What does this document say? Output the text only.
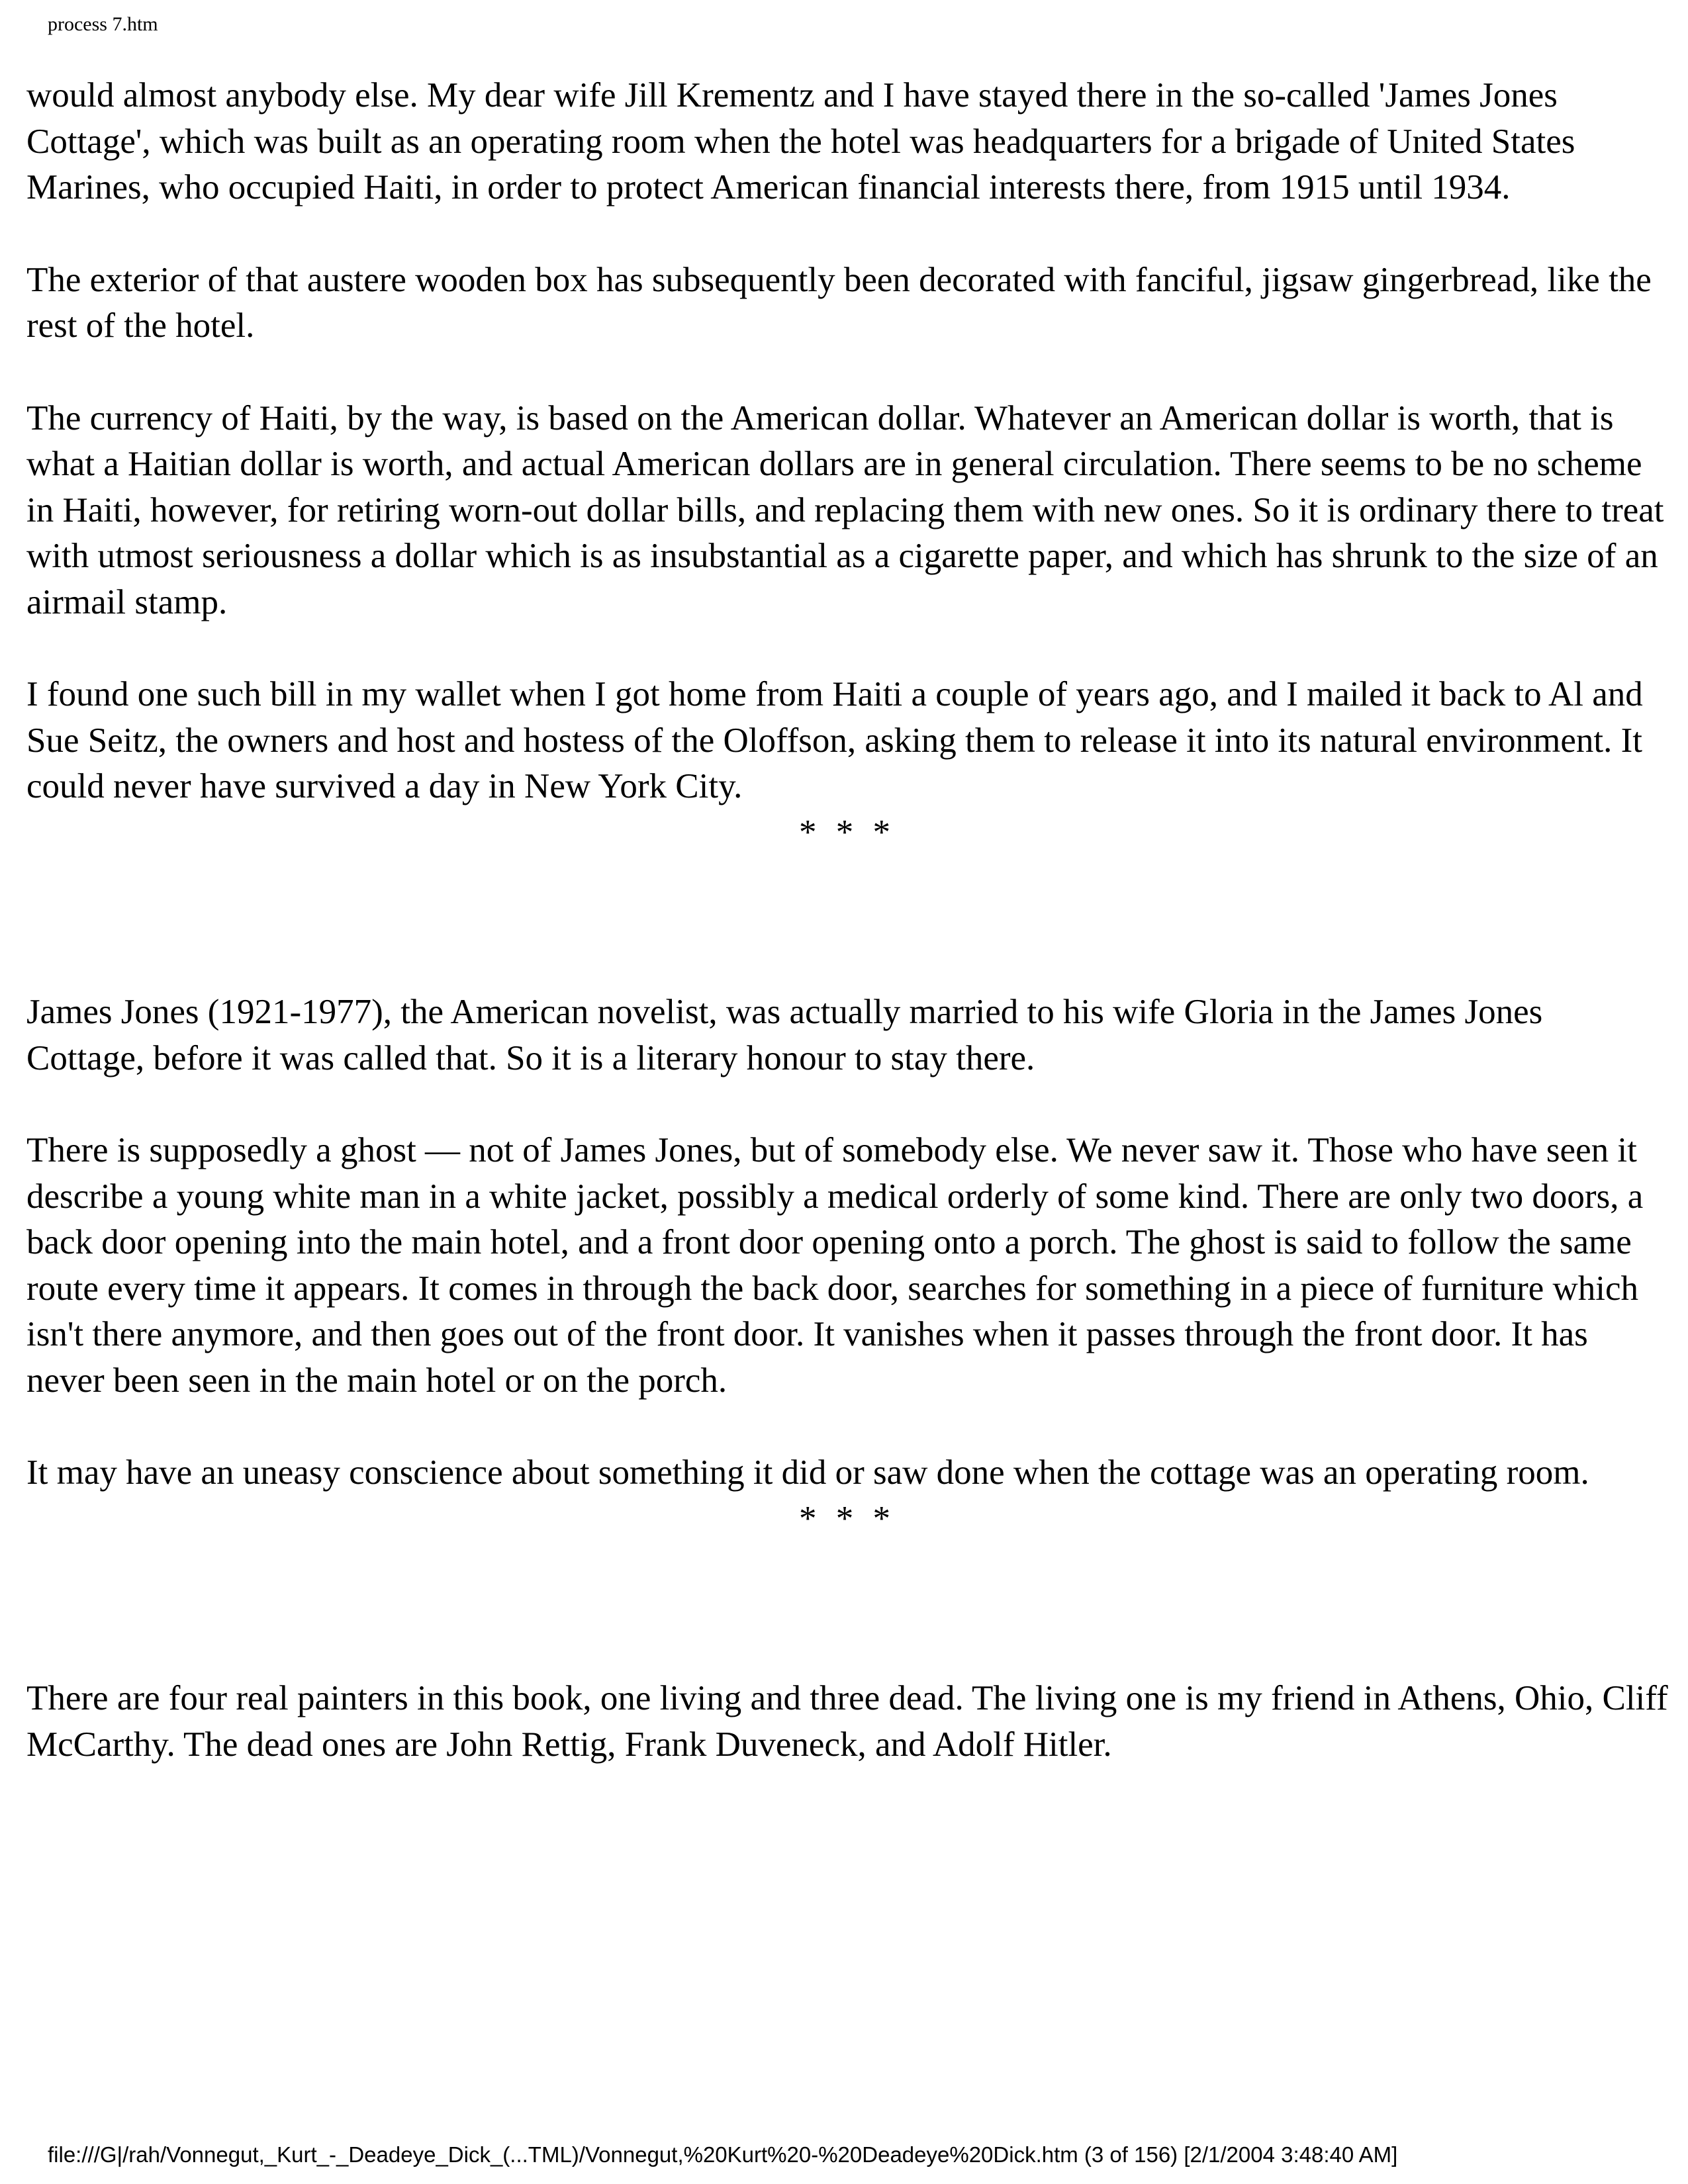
process 7.htm

would almost anybody else. My dear wife Jill Krementz and I have stayed there in the so-called 'James Jones Cottage', which was built as an operating room when the hotel was headquarters for a brigade of United States Marines, who occupied Haiti, in order to protect American financial interests there, from 1915 until 1934.

The exterior of that austere wooden box has subsequently been decorated with fanciful, jigsaw gingerbread, like the rest of the hotel.

The currency of Haiti, by the way, is based on the American dollar. Whatever an American dollar is worth, that is what a Haitian dollar is worth, and actual American dollars are in general circulation. There seems to be no scheme in Haiti, however, for retiring worn-out dollar bills, and replacing them with new ones. So it is ordinary there to treat with utmost seriousness a dollar which is as insubstantial as a cigarette paper, and which has shrunk to the size of an airmail stamp.

I found one such bill in my wallet when I got home from Haiti a couple of years ago, and I mailed it back to Al and Sue Seitz, the owners and host and hostess of the Oloffson, asking them to release it into its natural environment. It could never have survived a day in New York City.

* * *

James Jones (1921-1977), the American novelist, was actually married to his wife Gloria in the James Jones Cottage, before it was called that. So it is a literary honour to stay there.

There is supposedly a ghost — not of James Jones, but of somebody else. We never saw it. Those who have seen it describe a young white man in a white jacket, possibly a medical orderly of some kind. There are only two doors, a back door opening into the main hotel, and a front door opening onto a porch. The ghost is said to follow the same route every time it appears. It comes in through the back door, searches for something in a piece of furniture which isn't there anymore, and then goes out of the front door. It vanishes when it passes through the front door. It has never been seen in the main hotel or on the porch.

It may have an uneasy conscience about something it did or saw done when the cottage was an operating room.

* * *

There are four real painters in this book, one living and three dead. The living one is my friend in Athens, Ohio, Cliff McCarthy. The dead ones are John Rettig, Frank Duveneck, and Adolf Hitler.

file:///G|/rah/Vonnegut,_Kurt_-_Deadeye_Dick_(...TML)/Vonnegut,%20Kurt%20-%20Deadeye%20Dick.htm (3 of 156) [2/1/2004 3:48:40 AM]
